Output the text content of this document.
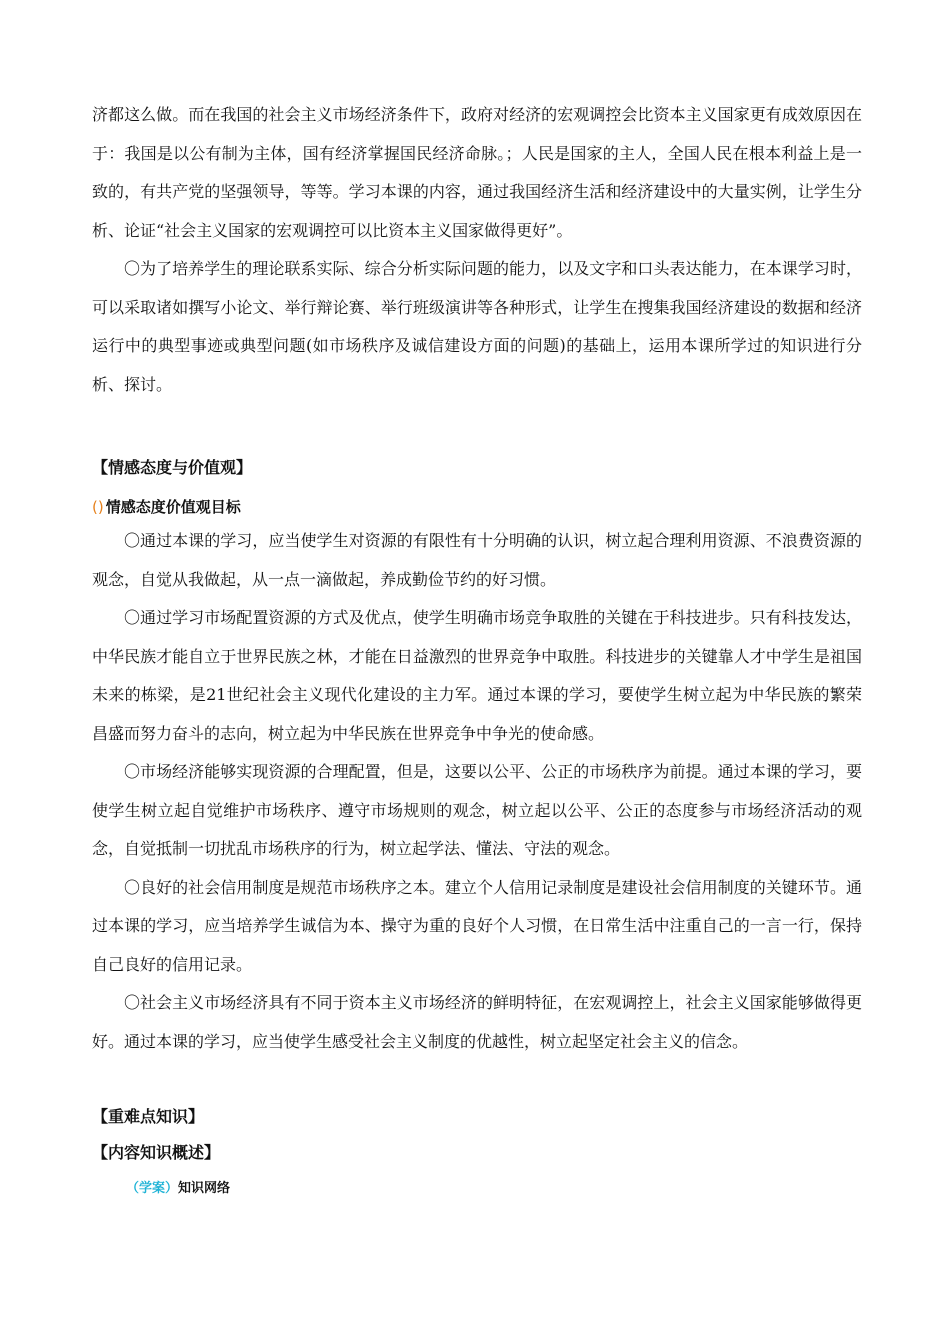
济都这么做。而在我国的社会主义市场经济条件下，政府对经济的宏观调控会比资本主义国家更有成效原因在于：我国是以公有制为主体，国有经济掌握国民经济命脉。；人民是国家的主人，全国人民在根本利益上是一致的，有共产党的坚强领导，等等。学习本课的内容，通过我国经济生活和经济建设中的大量实例，让学生分析、论证“社会主义国家的宏观调控可以比资本主义国家做得更好”。

〇为了培养学生的理论联系实际、综合分析实际问题的能力，以及文字和口头表达能力，在本课学习时，可以采取诸如撰写小论文、举行辩论赛、举行班级演讲等各种形式，让学生在搜集我国经济建设的数据和经济运行中的典型事迹或典型问题(如市场秩序及诚信建设方面的问题)的基础上，运用本课所学过的知识进行分析、探讨。

【情感态度与价值观】
() 情感态度价值观目标

〇通过本课的学习，应当使学生对资源的有限性有十分明确的认识，树立起合理利用资源、不浪费资源的观念，自觉从我做起，从一点一滴做起，养成勤俭节约的好习惯。

〇通过学习市场配置资源的方式及优点，使学生明确市场竞争取胜的关键在于科技进步。只有科技发达，中华民族才能自立于世界民族之林，才能在日益激烈的世界竞争中取胜。科技进步的关键靠人才中学生是祖国未来的栋梁，是21世纪社会主义现代化建设的主力军。通过本课的学习，要使学生树立起为中华民族的繁荣昌盛而努力奋斗的志向，树立起为中华民族在世界竞争中争光的使命感。

〇市场经济能够实现资源的合理配置，但是，这要以公平、公正的市场秩序为前提。通过本课的学习，要使学生树立起自觉维护市场秩序、遵守市场规则的观念，树立起以公平、公正的态度参与市场经济活动的观念，自觉抵制一切扰乱市场秩序的行为，树立起学法、懂法、守法的观念。

〇良好的社会信用制度是规范市场秩序之本。建立个人信用记录制度是建设社会信用制度的关键环节。通过本课的学习，应当培养学生诚信为本、操守为重的良好个人习惯，在日常生活中注重自己的一言一行，保持自己良好的信用记录。

〇社会主义市场经济具有不同于资本主义市场经济的鲜明特征，在宏观调控上，社会主义国家能够做得更好。通过本课的学习，应当使学生感受社会主义制度的优越性，树立起坚定社会主义的信念。

【重难点知识】
【内容知识概述】
（学案）知识网络
